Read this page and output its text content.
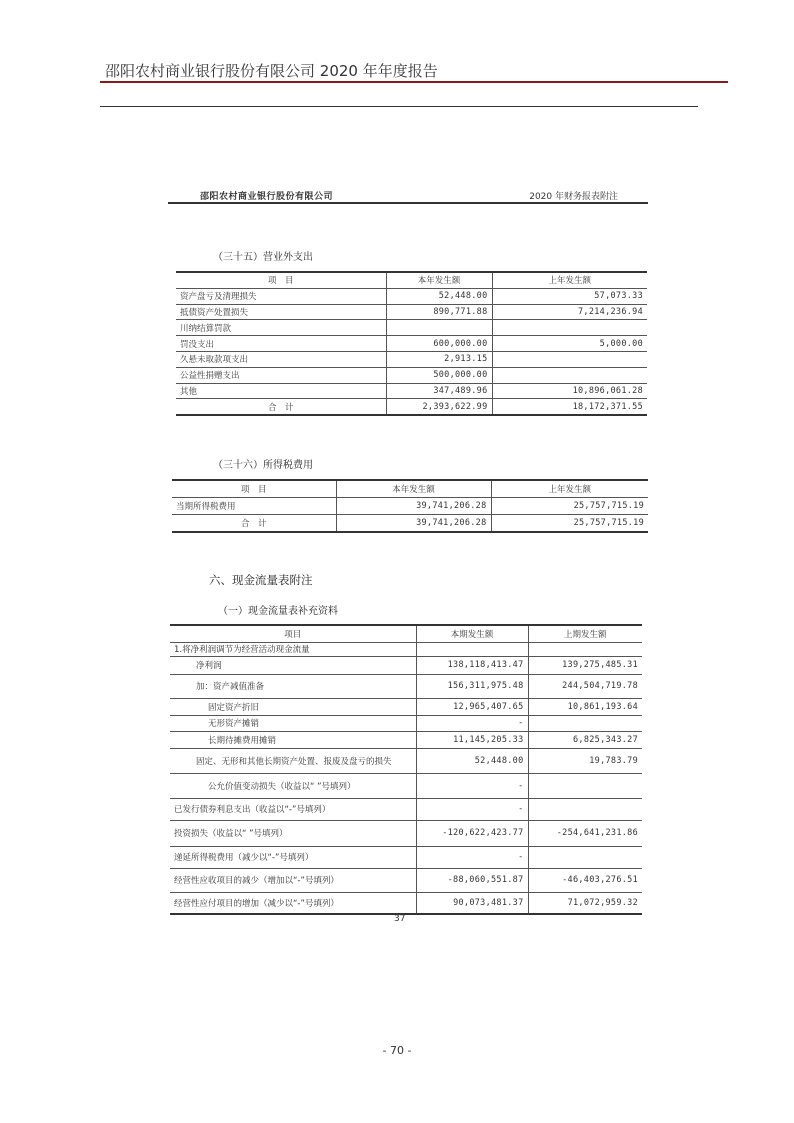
邵阳农村商业银行股份有限公司 2020 年年度报告
邵阳农村商业银行股份有限公司	2020 年财务报表附注
（三十五）营业外支出
项　目	本年发生额	上年发生额
资产盘亏及清理损失	52,448.00	57,073.33
抵债资产处置损失	890,771.88	7,214,236.94
川纳结算罚款		
罚没支出	600,000.00	5,000.00
久悬未取款项支出	2,913.15	
公益性捐赠支出	500,000.00	
其他	347,489.96	10,896,061.28
合　计	2,393,622.99	18,172,371.55
（三十六）所得税费用
项　目	本年发生额	上年发生额
当期所得税费用	39,741,206.28	25,757,715.19
合　计	39,741,206.28	25,757,715.19
六、现金流量表附注
（一）现金流量表补充资料
项目	本期发生额	上期发生额
1.将净利润调节为经营活动现金流量		
净利润	138,118,413.47	139,275,485.31
加：资产减值准备	156,311,975.48	244,504,719.78
固定资产折旧	12,965,407.65	10,861,193.64
无形资产摊销	-	
长期待摊费用摊销	11,145,205.33	6,825,343.27
固定、无形和其他长期资产处置、报废及盘亏的损失	52,448.00	19,783.79
公允价值变动损失（收益以“ ”号填列）	-	
已发行债券利息支出（收益以“-”号填列）	-	
投资损失（收益以“ ”号填列）	-120,622,423.77	-254,641,231.86
递延所得税费用（减少以“-”号填列）	-	
经营性应收项目的减少（增加以“-”号填列）	-88,060,551.87	-46,403,276.51
经营性应付项目的增加（减少以“-”号填列）	90,073,481.37	71,072,959.32
37
- 70 -
